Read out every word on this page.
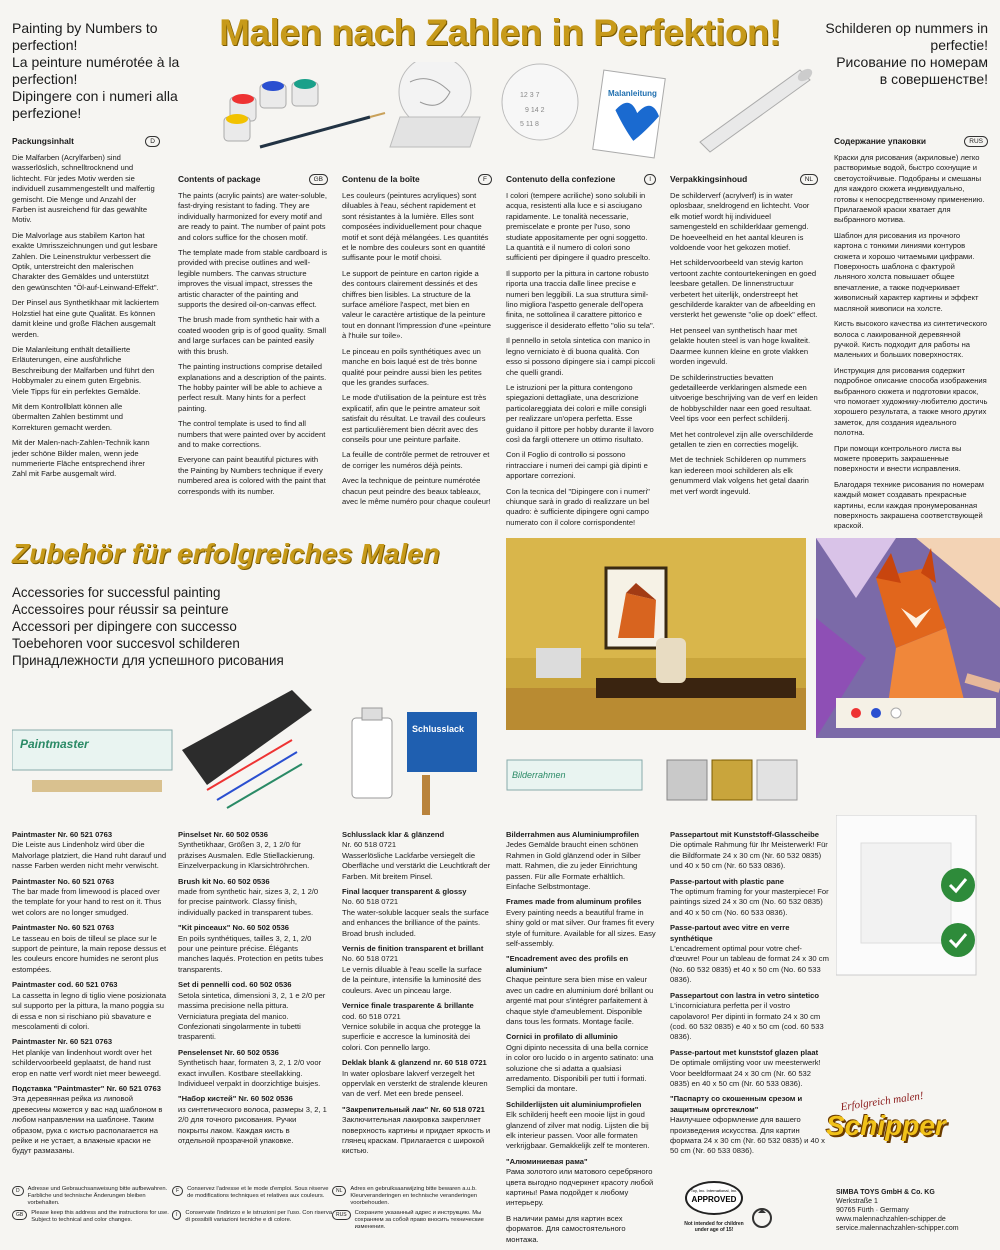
Painting by Numbers to perfection!
La peinture numérotée à la perfection!
Dipingere con i numeri alla perfezione!
Malen nach Zahlen in Perfektion!	Schilderen op nummers in perfectie!
Рисование по номерам
в совершенстве!
12 3 7
9 14 2
5 11 8
Malanleitung
Packungsinhalt	D

Die Malfarben (Acrylfarben) sind wasserlöslich, schnelltrocknend und lichtecht. Für jedes Motiv werden sie individuell zusammengestellt und malfertig gemischt. Die Menge und Anzahl der Farben ist ausreichend für das gewählte Motiv.

Die Malvorlage aus stabilem Karton hat exakte Umrisszeichnungen und gut lesbare Zahlen. Die Leinenstruktur verbessert die Optik, unterstreicht den malerischen Charakter des Gemäldes und unterstützt den gewünschten "Öl-auf-Leinwand-Effekt".

Der Pinsel aus Synthetikhaar mit lackiertem Holzstiel hat eine gute Qualität. Es können damit kleine und große Flächen ausgemalt werden.

Die Malanleitung enthält detaillierte Erläuterungen, eine ausführliche Beschreibung der Malfarben und führt den Hobbymaler zu einem guten Ergebnis. Viele Tipps für ein perfektes Gemälde.

Mit dem Kontrollblatt können alle übermalten Zahlen bestimmt und Korrekturen gemacht werden.

Mit der Malen-nach-Zahlen-Technik kann jeder schöne Bilder malen, wenn jede nummerierte Fläche entsprechend ihrer Zahl mit Farbe ausgemalt wird.

Contents of package	GB

The paints (acrylic paints) are water-soluble, fast-drying resistant to fading. They are individually harmonized for every motif and are ready to paint. The number of paint pots and colors suffice for the chosen motif.

The template made from stable cardboard is provided with precise outlines and well-legible numbers. The canvas structure improves the visual impact, stresses the artistic character of the painting and supports the desired oil-on-canvas effect.

The brush made from synthetic hair with a coated wooden grip is of good quality. Small and large surfaces can be painted easily with this brush.

The painting instructions comprise detailed explanations and a description of the paints. The hobby painter will be able to achieve a perfect result. Many hints for a perfect painting.

The control template is used to find all numbers that were painted over by accident and to make corrections.

Everyone can paint beautiful pictures with the Painting by Numbers technique if every numbered area is colored with the paint that corresponds with its number.

Contenu de la boîte	F

Les couleurs (peintures acryliques) sont diluables à l'eau, séchent rapidement et sont résistantes à la lumière. Elles sont composées individuellement pour chaque motif et sont déjà mélangées. Les quantités et le nombre des couleurs sont en quantité suffisante pour le motif choisi.

Le support de peinture en carton rigide a des contours clairement dessinés et des chiffres bien lisibles. La structure de la surface améliore l'aspect, met bien en valeur le caractère artistique de la peinture tout en donnant l'impression d'une «peinture à l'huile sur toile».

Le pinceau en poils synthétiques avec un manche en bois laqué est de très bonne qualité pour peindre aussi bien les petites que les grandes surfaces.

Le mode d'utilisation de la peinture est très explicatif, afin que le peintre amateur soit satisfait du résultat. Le travail des couleurs est particulièrement bien décrit avec des conseils pour une peinture parfaite.

La feuille de contrôle permet de retrouver et de corriger les numéros déjà peints.

Avec la technique de peinture numérotée chacun peut peindre des beaux tableaux, avec le même numéro pour chaque couleur!

Contenuto della confezione	I

I colori (tempere acriliche) sono solubili in acqua, resistenti alla luce e si asciugano rapidamente. Le tonalità necessarie, premiscelate e pronte per l'uso, sono studiate appositamente per ogni soggetto. La quantità e il numero di colori sono sufficienti per dipingere il quadro prescelto.

Il supporto per la pittura in cartone robusto riporta una traccia dalle linee precise e numeri ben leggibili. La sua struttura simil-lino migliora l'aspetto generale dell'opera finita, ne sottolinea il carattere pittorico e suggerisce il desiderato effetto "olio su tela".

Il pennello in setola sintetica con manico in legno verniciato è di buona qualità. Con esso si possono dipingere sia i campi piccoli che quelli grandi.

Le istruzioni per la pittura contengono spiegazioni dettagliate, una descrizione particolareggiata dei colori e mille consigli per realizzare un'opera perfetta. Esse guidano il pittore per hobby durante il lavoro così da fargli ottenere un ottimo risultato.

Con il Foglio di controllo si possono rintracciare i numeri dei campi già dipinti e apportare correzioni.

Con la tecnica del "Dipingere con i numeri" chiunque sarà in grado di realizzare un bel quadro: è sufficiente dipingere ogni campo numerato con il colore corrispondente!

Verpakkingsinhoud	NL

De schilderverf (acrylverf) is in water oplosbaar, sneldrogend en lichtecht. Voor elk motief wordt hij individueel samengesteld en schilderklaar gemengd. De hoeveelheid en het aantal kleuren is voldoende voor het gekozen motief.

Het schildervoorbeeld van stevig karton vertoont zachte contourtekeningen en goed leesbare getallen. De linnenstructuur verbetert het uiterlijk, onderstreept het geschilderde karakter van de afbeelding en versterkt het gewenste "olie op doek" effect.

Het penseel van synthetisch haar met gelakte houten steel is van hoge kwaliteit. Daarmee kunnen kleine en grote vlakken worden ingevuld.

De schilderinstructies bevatten gedetailleerde verklaringen alsmede een uitvoerige beschrijving van de verf en leiden de hobbyschilder naar een goed resultaat. Veel tips voor een perfect schilderij.

Met het controlevel zijn alle overschilderde getallen te zien en correcties mogelijk.

Met de techniek Schilderen op nummers kan iedereen mooi schilderen als elk genummerd vlak volgens het getal daarin met verf wordt ingevuld.

Содержание упаковки	RUS

Краски для рисования (акриловые) легко растворимые водой, быстро сохнущие и светоустойчивые. Подобраны и смешаны для каждого сюжета индивидуально, готовы к непосредственному применению. Прилагаемой краски хватает для выбранного мотива.

Шаблон для рисования из прочного картона с тонкими линиями контуров сюжета и хорошо читаемыми цифрами. Поверхность шаблона с фактурой льняного холста повышает общее впечатление, а также подчеркивает живописный характер картины и эффект масляной живописи на холсте.

Кисть высокого качества из синтетического волоса с лакированной деревянной ручкой. Кисть подходит для работы на маленьких и больших поверхностях.

Инструкция для рисования содержит подробное описание способа изображения выбранного сюжета и подготовки красок, что помогает художнику-любителю достичь хорошего результата, а также много других заметок, для создания идеального полотна.

При помощи контрольного листа вы можете проверить закрашенные поверхности и внести исправления.

Благодаря технике рисования по номерам каждый может создавать прекрасные картины, если каждая пронумерованная поверхность закрашена соответствующей краской.

Zubehör für erfolgreiches Malen
Accessories for successful painting
Accessoires pour réussir sa peinture
Accessori per dipingere con successo
Toebehoren voor succesvol schilderen
Принадлежности для успешного рисования
Paintmaster
Schlusslack
Bilderrahmen

Paintmaster Nr. 60 521 0763

Die Leiste aus Lindenholz wird über die Malvorlage platziert, die Hand ruht darauf und nasse Farben werden nicht mehr verwischt.

Paintmaster No. 60 521 0763

The bar made from limewood is placed over the template for your hand to rest on it. Thus wet colors are no longer smudged.

Paintmaster No. 60 521 0763

Le tasseau en bois de tilleul se place sur le support de peinture, la main repose dessus et les couleurs encore humides ne seront plus estompées.

Paintmaster cod. 60 521 0763

La cassetta in legno di tiglio viene posizionata sul supporto per la pittura, la mano poggia su di essa e non si rischiano più sbavature e mescolamenti di colori.

Paintmaster Nr. 60 521 0763

Het plankje van lindenhout wordt over het schildervoorbeeld geplaatst, de hand rust erop en natte verf wordt niet meer beweegd.

Подставка "Paintmaster" Nr. 60 521 0763

Эта деревянная рейка из липовой древесины можется у вас над шаблоном в любом направлении на шаблоне. Таким образом, рука с кистью располагается на рейке и не устает, а влажные краски не будут размазаны.

Pinselset Nr. 60 502 0536

Synthetikhaar, Größen 3, 2, 1 2/0 für präzises Ausmalen. Edle Stiellackierung. Einzelverpackung in Klarsichtröhrchen.

Brush kit No. 60 502 0536

made from synthetic hair, sizes 3, 2, 1 2/0 for precise paintwork. Classy finish, individually packed in transparent tubes.

"Kit pinceaux" No. 60 502 0536

En poils synthétiques, tailles 3, 2, 1, 2/0 pour une peinture précise. Élégants manches laqués. Protection en petits tubes transparents.

Set di pennelli cod. 60 502 0536

Setola sintetica, dimensioni 3, 2, 1 e 2/0 per massima precisione nella pittura. Verniciatura pregiata del manico. Confezionati singolarmente in tubetti trasparenti.

Penselenset Nr. 60 502 0536

Synthetisch haar, formaten 3, 2, 1 2/0 voor exact invullen. Kostbare steellakking. Individueel verpakt in doorzichtige buisjes.

"Набор кистей" Nr. 60 502 0536

из синтетического волоса, размеры 3, 2, 1 2/0 для точного рисования. Ручки покрыты лаком. Каждая кисть в отдельной прозрачной упаковке.

Schlusslack klar & glänzend

Nr. 60 518 0721

Wasserlösliche Lackfarbe versiegelt die Oberfläche und verstärkt die Leuchtkraft der Farben. Mit breitem Pinsel.

Final lacquer transparent & glossy

No. 60 518 0721

The water-soluble lacquer seals the surface and enhances the brilliance of the paints. Broad brush included.

Vernis de finition transparent et brillant

No. 60 518 0721

Le vernis diluable à l'eau scelle la surface de la peinture, intensifie la luminosité des couleurs. Avec un pinceau large.

Vernice finale trasparente & brillante

cod. 60 518 0721

Vernice solubile in acqua che protegge la superficie e accresce la luminosità dei colori. Con pennello largo.

Deklak blank & glanzend nr. 60 518 0721

In water oplosbare lakverf verzegelt het oppervlak en versterkt de stralende kleuren van de verf. Met een brede penseel.

"Закрепительный лак" Nr. 60 518 0721

Заключительная лакировка закрепляет поверхность картины и придает яркость и глянец краскам. Прилагается с широкой кистью.

Bilderrahmen aus Aluminiumprofilen

Jedes Gemälde braucht einen schönen Rahmen in Gold glänzend oder in Silber matt. Rahmen, die zu jeder Einrichtung passen. Für alle Formate erhältlich. Einfache Selbstmontage.

Frames made from aluminum profiles

Every painting needs a beautiful frame in shiny gold or mat silver. Our frames fit every style of furniture. Available for all sizes. Easy self-assembly.

"Encadrement avec des profils en aluminium"

Chaque peinture sera bien mise en valeur avec un cadre en aluminium doré brillant ou argenté mat pour s'intégrer parfaitement à chaque style d'ameublement. Disponible dans tous les formats. Montage facile.

Cornici in profilato di alluminio

Ogni dipinto necessita di una bella cornice in color oro lucido o in argento satinato: una soluzione che si adatta a qualsiasi arredamento. Disponibili per tutti i formati. Semplici da montare.

Schilderlijsten uit aluminiumprofielen

Elk schilderij heeft een mooie lijst in goud glanzend of zilver mat nodig. Lijsten die bij elk interieur passen. Voor alle formaten verkrijgbaar. Gemakkelijk zelf te monteren.

"Алюминиевая рама"

Рама золотого или матового серебряного цвета выгодно подчеркнет красоту любой картины! Рама подойдет к любому интерьеру.

В наличии рамы для картин всех форматов. Для самостоятельного монтажа.

Passepartout mit Kunststoff-Glasscheibe

Die optimale Rahmung für Ihr Meisterwerk! Für die Bildformate 24 x 30 cm (Nr. 60 532 0835) und 40 x 50 cm (Nr. 60 533 0836).

Passe-partout with plastic pane

The optimum framing for your masterpiece! For paintings sized 24 x 30 cm (No. 60 532 0835) and 40 x 50 cm (No. 60 533 0836).

Passe-partout avec vitre en verre synthétique

L'encadrement optimal pour votre chef-d'œuvre! Pour un tableau de format 24 x 30 cm (No. 60 532 0835) et 40 x 50 cm (No. 60 533 0836).

Passepartout con lastra in vetro sintetico

L'incorniciatura perfetta per il vostro capolavoro! Per dipinti in formato 24 x 30 cm (cod. 60 532 0835) e 40 x 50 cm (cod. 60 533 0836).

Passe-partout met kunststof glazen plaat

De optimale omlijsting voor uw meesterwerk! Voor beeldformaat 24 x 30 cm (Nr. 60 532 0835) en 40 x 50 cm (Nr. 60 533 0836).

"Паспарту со скошенным срезом и защитным оргстеклом"

Наилучшее оформление для вашего произведения искусства. Для картин формата 24 x 30 cm (Nr. 60 532 0835) и 40 x 50 cm (Nr. 60 533 0836).

Erfolgreich malen!
Schipper
D	Adresse und Gebrauchsanweisung bitte aufbewahren. Farbliche und technische Änderungen bleiben vorbehalten.
F	Conservez l'adresse et le mode d'emploi. Sous réserve de modifications techniques et relatives aux couleurs.
NL	Adres en gebruiksaanwijzing bitte bewaren a.u.b. Kleurveranderingen en technische veranderingen voorbehouden.
GB	Please keep this address and the instructions for use. Subject to technical and color changes.
I	Conservate l'indirizzo e le istruzioni per l'uso. Con riserva di possibili variazioni tecniche e di colore.
RUS	Сохраните указанный адрес и инструкцию. Мы сохраняем за собой право вносить технические изменения.
Toy, Inc. International, Inc.
APPROVED
Not intended for children under age of 15!
SIMBA TOYS GmbH & Co. KG
Werkstraße 1
90765 Fürth · Germany
www.malennachzahlen-schipper.de
service.malennachzahlen-schipper.com
